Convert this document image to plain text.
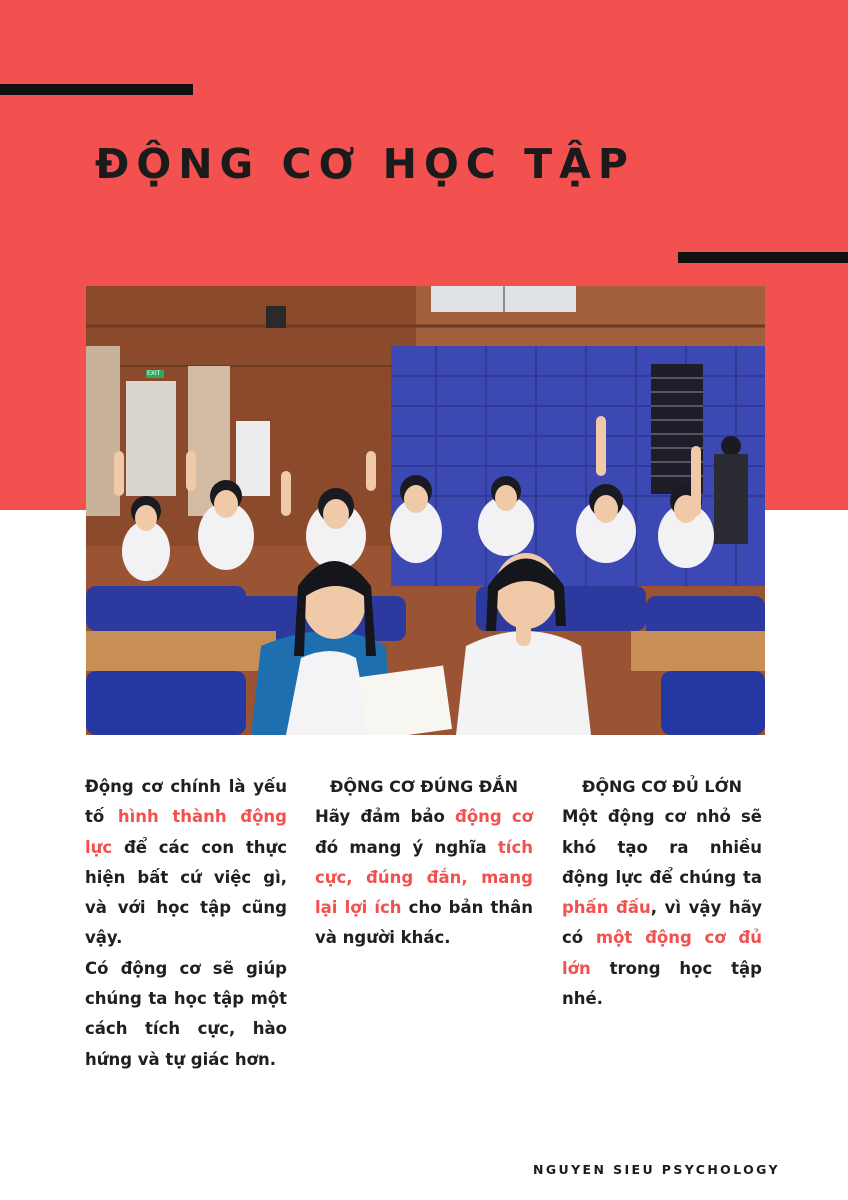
ĐỘNG CƠ HỌC TẬP
EXIT

Động cơ chính là yếu tố hình thành động lực để các con thực hiện bất cứ việc gì, và với học tập cũng vậy.

Có động cơ sẽ giúp chúng ta học tập một cách tích cực, hào hứng và tự giác hơn.

ĐỘNG CƠ ĐÚNG ĐẮN

Hãy đảm bảo động cơ đó mang ý nghĩa tích cực, đúng đắn, mang lại lợi ích cho bản thân và người khác.

ĐỘNG CƠ ĐỦ LỚN

Một động cơ nhỏ sẽ khó tạo ra nhiều động lực để chúng ta phấn đấu, vì vậy hãy có một động cơ đủ lớn trong học tập nhé.

NGUYEN SIEU PSYCHOLOGY
